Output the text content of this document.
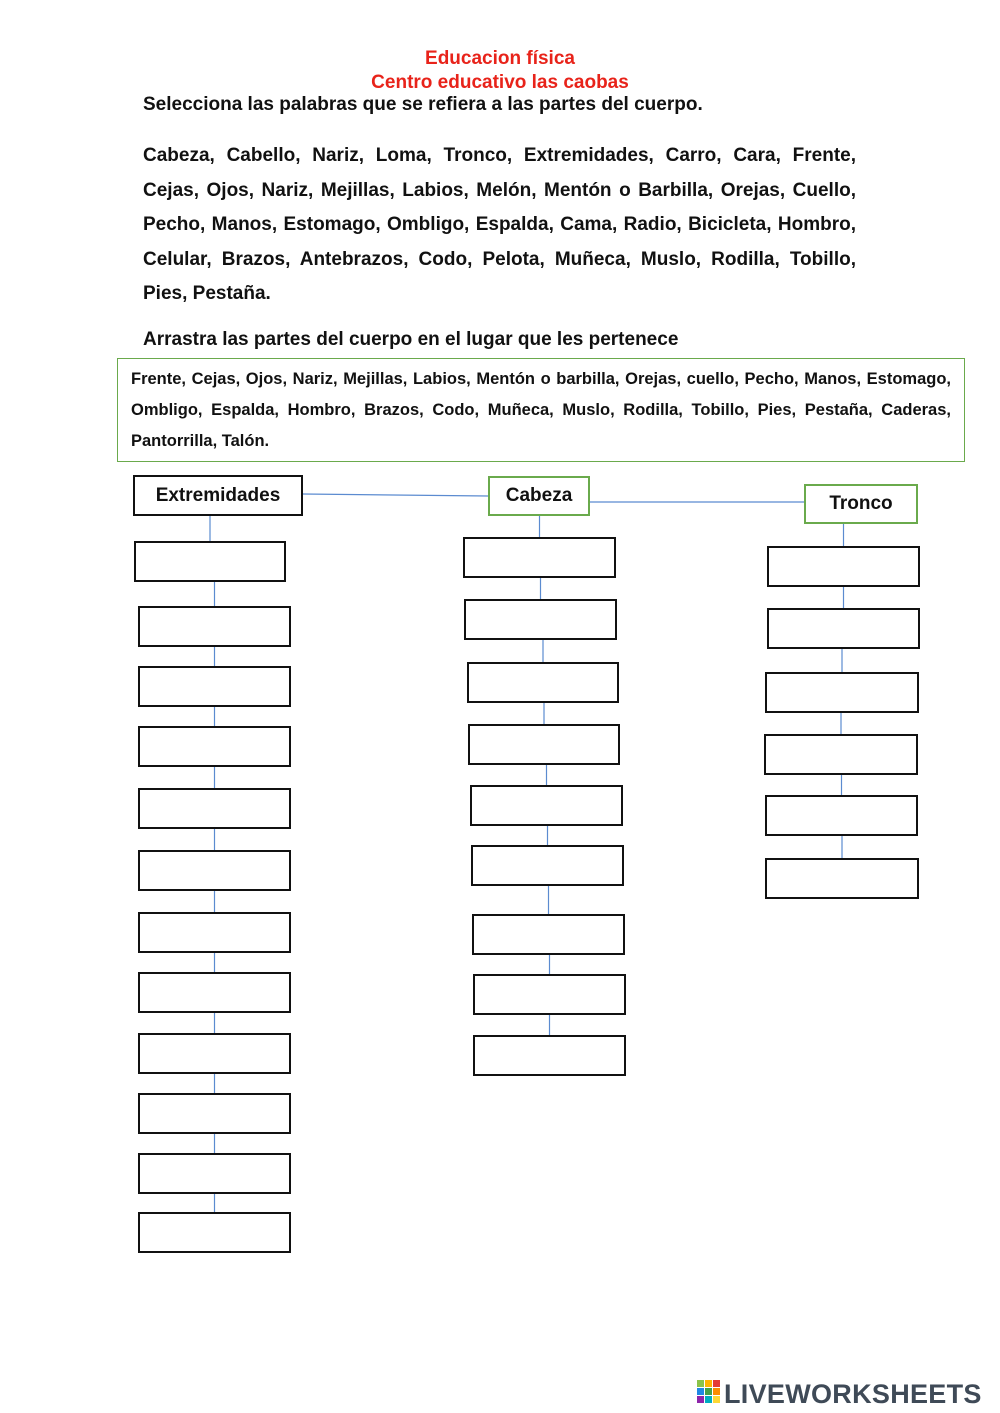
Educacion física
Centro educativo las caobas
Selecciona las palabras que se refiera a las partes del cuerpo.
Cabeza, Cabello, Nariz, Loma, Tronco, Extremidades, Carro, Cara, Frente, Cejas, Ojos, Nariz, Mejillas, Labios, Melón, Mentón o Barbilla, Orejas, Cuello, Pecho, Manos, Estomago, Ombligo, Espalda, Cama, Radio, Bicicleta, Hombro, Celular, Brazos, Antebrazos, Codo, Pelota, Muñeca, Muslo, Rodilla, Tobillo, Pies, Pestaña.
Arrastra las partes del cuerpo en el lugar que les pertenece
Frente, Cejas, Ojos, Nariz, Mejillas, Labios, Mentón o barbilla, Orejas, cuello, Pecho, Manos, Estomago, Ombligo, Espalda, Hombro, Brazos, Codo, Muñeca, Muslo, Rodilla, Tobillo, Pies, Pestaña, Caderas, Pantorrilla, Talón.
Extremidades	Cabeza	Tronco
LIVEWORKSHEETS
